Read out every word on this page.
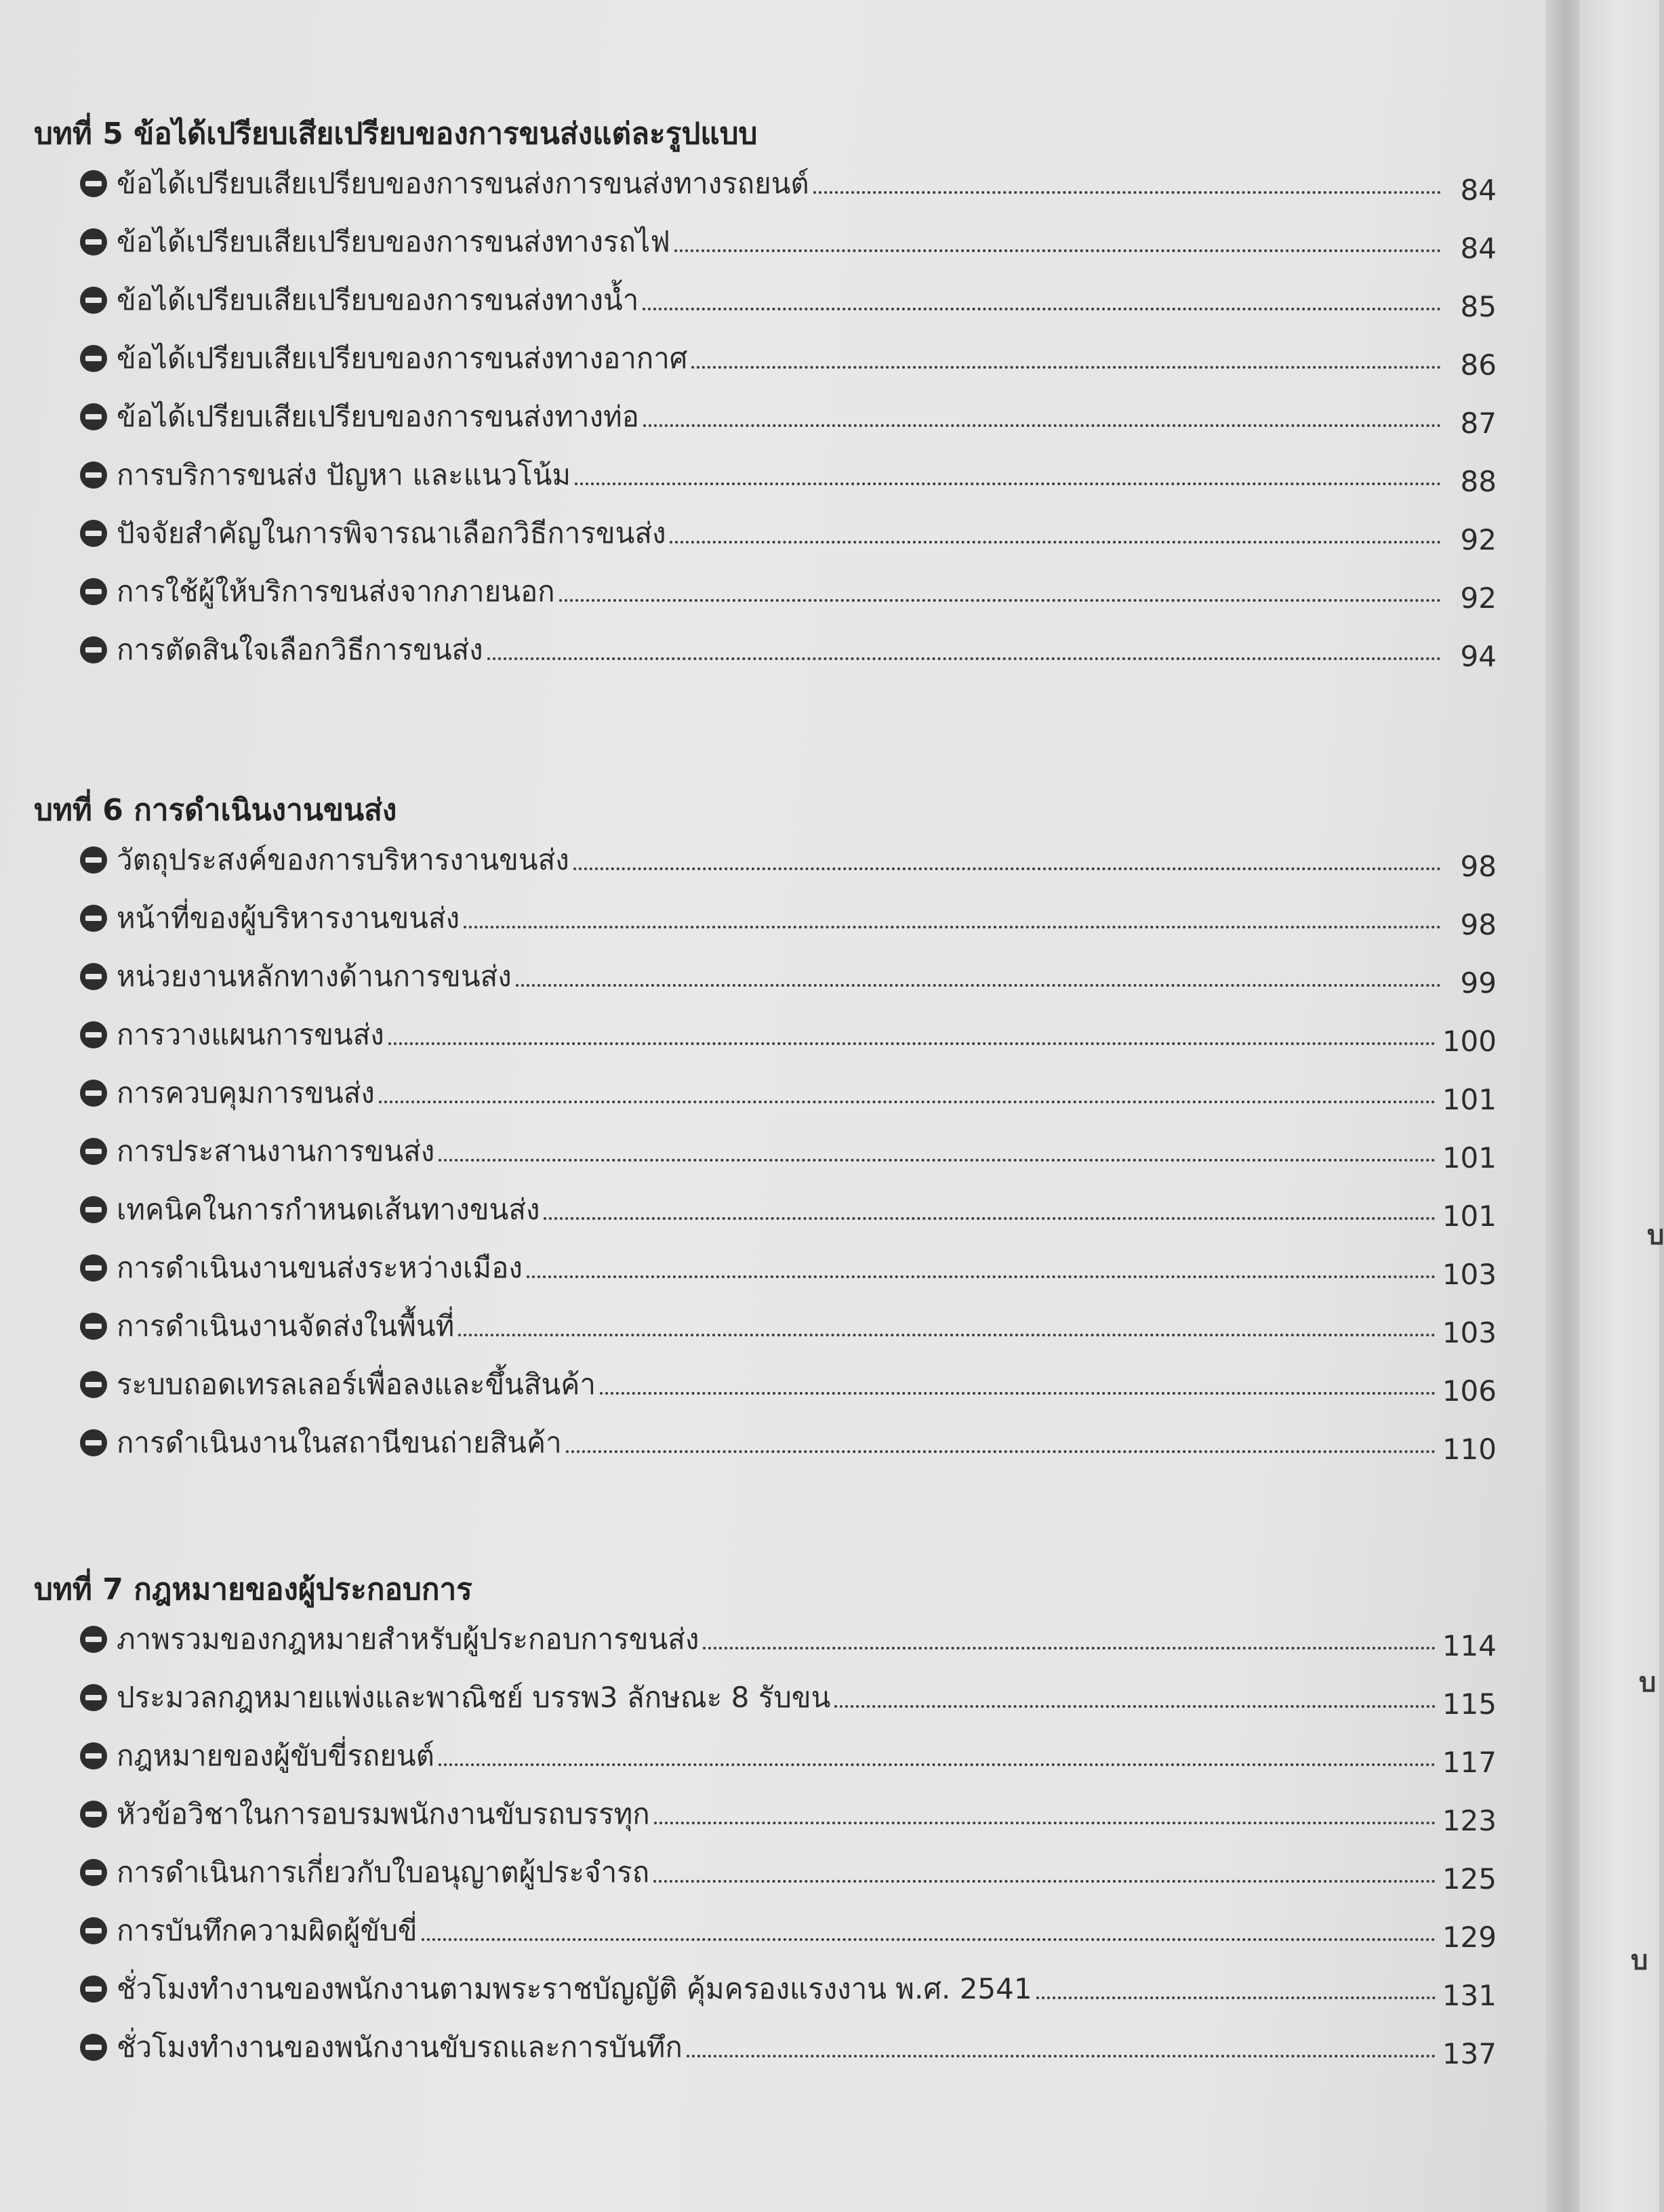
บทที่ 5 ข้อได้เปรียบเสียเปรียบของการขนส่งแต่ละรูปแบบ
ข้อได้เปรียบเสียเปรียบของการขนส่งการขนส่งทางรถยนต์	84
ข้อได้เปรียบเสียเปรียบของการขนส่งทางรถไฟ	84
ข้อได้เปรียบเสียเปรียบของการขนส่งทางน้ำ	85
ข้อได้เปรียบเสียเปรียบของการขนส่งทางอากาศ	86
ข้อได้เปรียบเสียเปรียบของการขนส่งทางท่อ	87
การบริการขนส่ง ปัญหา และแนวโน้ม	88
ปัจจัยสำคัญในการพิจารณาเลือกวิธีการขนส่ง	92
การใช้ผู้ให้บริการขนส่งจากภายนอก	92
การตัดสินใจเลือกวิธีการขนส่ง	94
บทที่ 6 การดำเนินงานขนส่ง
วัตถุประสงค์ของการบริหารงานขนส่ง	98
หน้าที่ของผู้บริหารงานขนส่ง	98
หน่วยงานหลักทางด้านการขนส่ง	99
การวางแผนการขนส่ง	100
การควบคุมการขนส่ง	101
การประสานงานการขนส่ง	101
เทคนิคในการกำหนดเส้นทางขนส่ง	101
การดำเนินงานขนส่งระหว่างเมือง	103
การดำเนินงานจัดส่งในพื้นที่	103
ระบบถอดเทรลเลอร์เพื่อลงและขึ้นสินค้า	106
การดำเนินงานในสถานีขนถ่ายสินค้า	110
บทที่ 7 กฎหมายของผู้ประกอบการ
ภาพรวมของกฎหมายสำหรับผู้ประกอบการขนส่ง	114
ประมวลกฎหมายแพ่งและพาณิชย์ บรรพ3 ลักษณะ 8 รับขน	115
กฎหมายของผู้ขับขี่รถยนต์	117
หัวข้อวิชาในการอบรมพนักงานขับรถบรรทุก	123
การดำเนินการเกี่ยวกับใบอนุญาตผู้ประจำรถ	125
การบันทึกความผิดผู้ขับขี่	129
ชั่วโมงทำงานของพนักงานตามพระราชบัญญัติ คุ้มครองแรงงาน พ.ศ. 2541	131
ชั่วโมงทำงานของพนักงานขับรถและการบันทึก	137
บ
บ
บ
